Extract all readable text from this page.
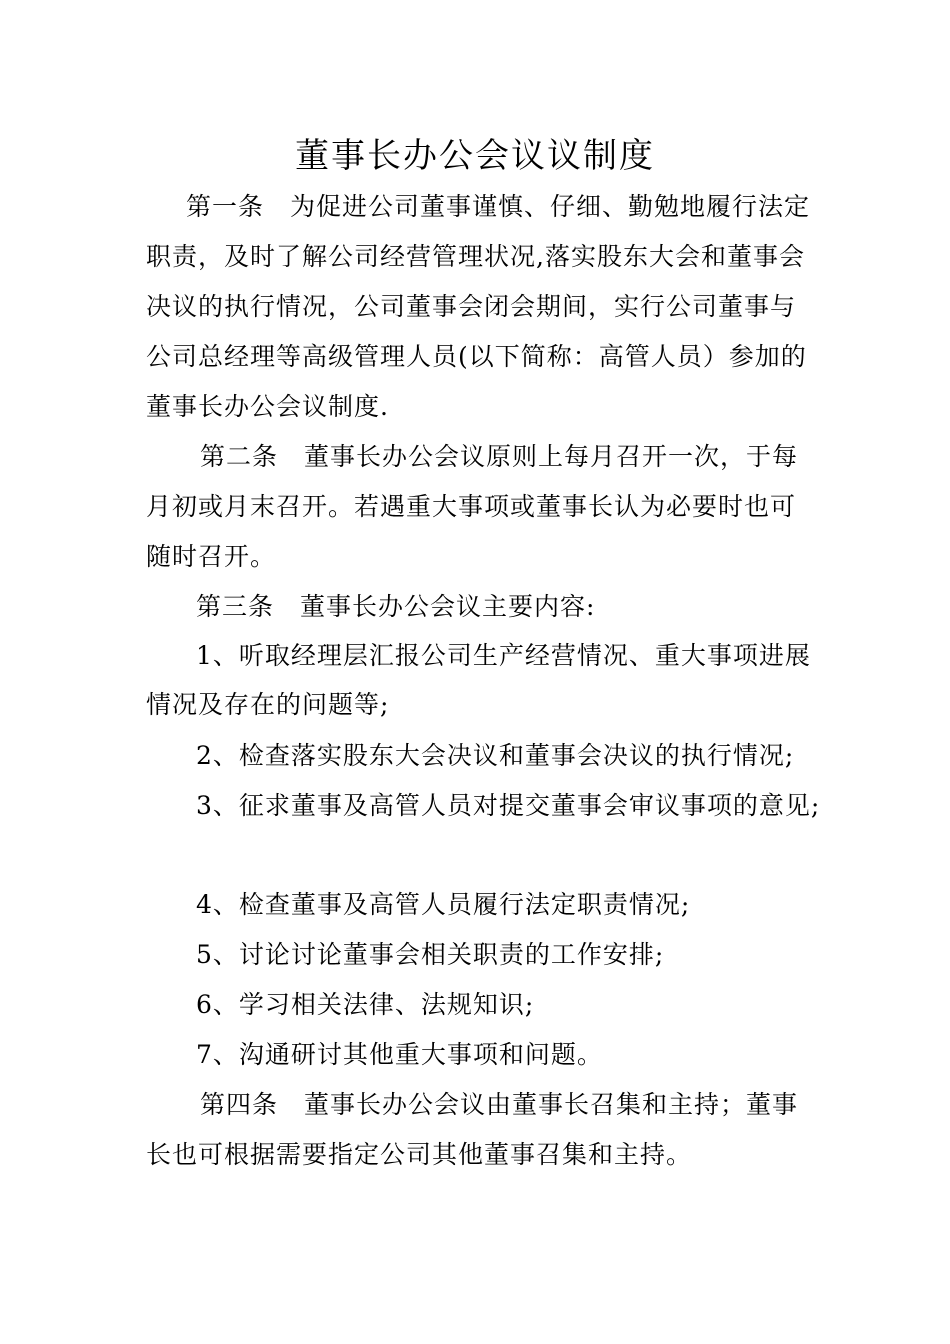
董事长办公会议议制度
第一条　为促进公司董事谨慎、仔细、勤勉地履行法定
职责，及时了解公司经营管理状况,落实股东大会和董事会
决议的执行情况，公司董事会闭会期间，实行公司董事与
公司总经理等高级管理人员(以下简称：高管人员）参加的
董事长办公会议制度.
第二条　董事长办公会议原则上每月召开一次，于每
月初或月末召开。若遇重大事项或董事长认为必要时也可
随时召开。
第三条　董事长办公会议主要内容:
1、听取经理层汇报公司生产经营情况、重大事项进展
情况及存在的问题等;
2、检查落实股东大会决议和董事会决议的执行情况;
3、征求董事及高管人员对提交董事会审议事项的意见;
4、检查董事及高管人员履行法定职责情况;
5、讨论讨论董事会相关职责的工作安排;
6、学习相关法律、法规知识;
7、沟通研讨其他重大事项和问题。
第四条　董事长办公会议由董事长召集和主持；董事
长也可根据需要指定公司其他董事召集和主持。
